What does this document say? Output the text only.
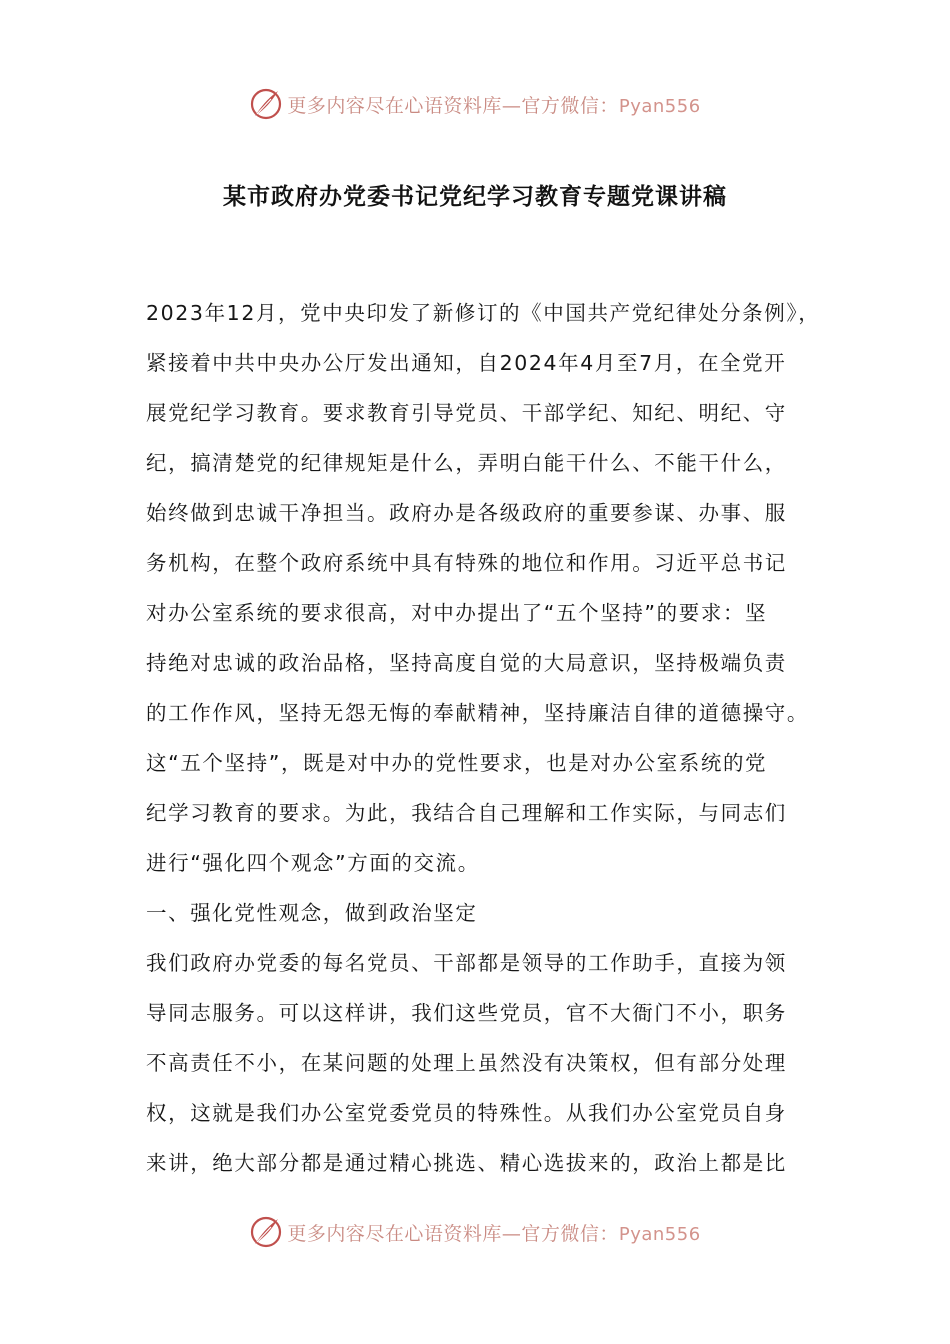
更多内容尽在心语资料库—官方微信：Pyan556
某市政府办党委书记党纪学习教育专题党课讲稿
2023年12月，党中央印发了新修订的《中国共产党纪律处分条例》，
紧接着中共中央办公厅发出通知，自2024年4月至7月，在全党开
展党纪学习教育。要求教育引导党员、干部学纪、知纪、明纪、守
纪，搞清楚党的纪律规矩是什么，弄明白能干什么、不能干什么，
始终做到忠诚干净担当。政府办是各级政府的重要参谋、办事、服
务机构，在整个政府系统中具有特殊的地位和作用。习近平总书记
对办公室系统的要求很高，对中办提出了“五个坚持”的要求：坚
持绝对忠诚的政治品格，坚持高度自觉的大局意识，坚持极端负责
的工作作风，坚持无怨无悔的奉献精神，坚持廉洁自律的道德操守。
这“五个坚持”，既是对中办的党性要求，也是对办公室系统的党
纪学习教育的要求。为此，我结合自己理解和工作实际，与同志们
进行“强化四个观念”方面的交流。
一、强化党性观念，做到政治坚定
我们政府办党委的每名党员、干部都是领导的工作助手，直接为领
导同志服务。可以这样讲，我们这些党员，官不大衙门不小，职务
不高责任不小，在某问题的处理上虽然没有决策权，但有部分处理
权，这就是我们办公室党委党员的特殊性。从我们办公室党员自身
来讲，绝大部分都是通过精心挑选、精心选拔来的，政治上都是比
更多内容尽在心语资料库—官方微信：Pyan556
